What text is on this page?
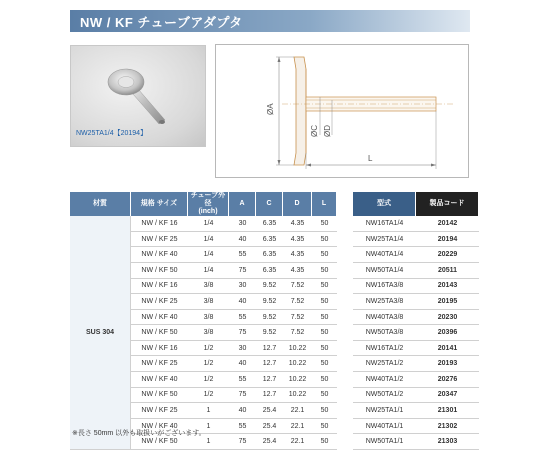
NW / KF チューブアダプタ
NW25TA1/4【20194】
ØA
ØC ØD
L
材質	規格 サイズ	チューブ外径
(inch)	A	C	D	L		型式	製品コード
SUS 304	NW / KF 16	1/4	30	6.35	4.35	50		NW16TA1/4	20142
	NW / KF 25	1/4	40	6.35	4.35	50		NW25TA1/4	20194
	NW / KF 40	1/4	55	6.35	4.35	50		NW40TA1/4	20229
	NW / KF 50	1/4	75	6.35	4.35	50		NW50TA1/4	20511
	NW / KF 16	3/8	30	9.52	7.52	50		NW16TA3/8	20143
	NW / KF 25	3/8	40	9.52	7.52	50		NW25TA3/8	20195
	NW / KF 40	3/8	55	9.52	7.52	50		NW40TA3/8	20230
	NW / KF 50	3/8	75	9.52	7.52	50		NW50TA3/8	20396
	NW / KF 16	1/2	30	12.7	10.22	50		NW16TA1/2	20141
	NW / KF 25	1/2	40	12.7	10.22	50		NW25TA1/2	20193
	NW / KF 40	1/2	55	12.7	10.22	50		NW40TA1/2	20276
	NW / KF 50	1/2	75	12.7	10.22	50		NW50TA1/2	20347
	NW / KF 25	1	40	25.4	22.1	50		NW25TA1/1	21301
	NW / KF 40	1	55	25.4	22.1	50		NW40TA1/1	21302
	NW / KF 50	1	75	25.4	22.1	50		NW50TA1/1	21303
※長さ 50mm 以外も取扱いがございます。
